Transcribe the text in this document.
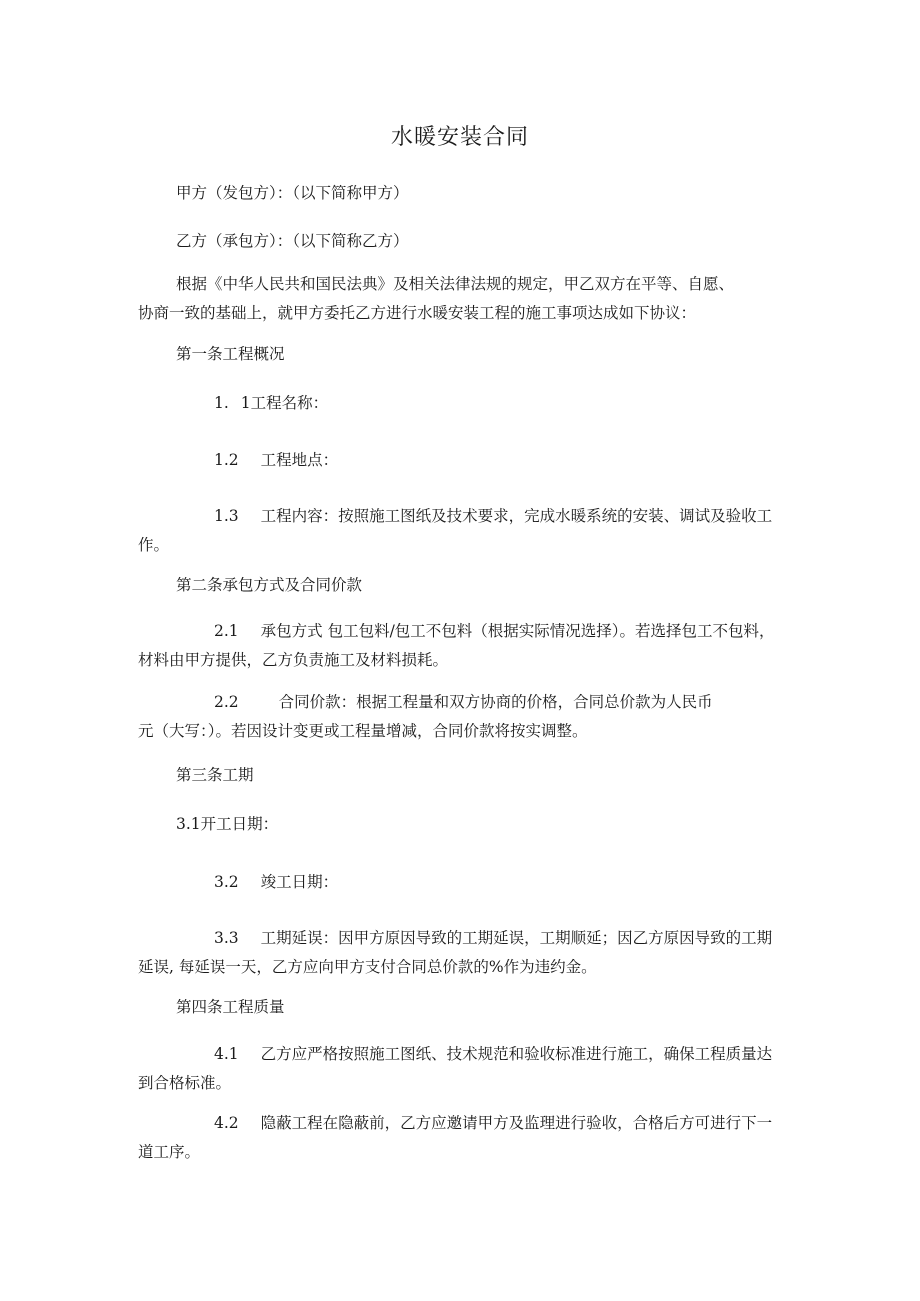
水暖安装合同

甲方（发包方）：（以下简称甲方）

乙方（承包方）：（以下简称乙方）

根据《中华人民共和国民法典》及相关法律法规的规定，甲乙双方在平等、自愿、
协商一致的基础上，就甲方委托乙方进行水暖安装工程的施工事项达成如下协议：

第一条工程概况

1. 1工程名称：

1.2 工程地点：

1.3 工程内容：按照施工图纸及技术要求，完成水暖系统的安装、调试及验收工
作。

第二条承包方式及合同价款

2.1 承包方式 包工包料/包工不包料（根据实际情况选择）。若选择包工不包料，
材料由甲方提供，乙方负责施工及材料损耗。

2.2	合同价款：根据工程量和双方协商的价格，合同总价款为人民币
元（大写：）。若因设计变更或工程量增减，合同价款将按实调整。

第三条工期

3.1开工日期：

3.2 竣工日期：

3.3 工期延误：因甲方原因导致的工期延误，工期顺延；因乙方原因导致的工期
延误, 每延误一天，乙方应向甲方支付合同总价款的%作为违约金。

第四条工程质量

4.1 乙方应严格按照施工图纸、技术规范和验收标准进行施工，确保工程质量达
到合格标准。

4.2 隐蔽工程在隐蔽前，乙方应邀请甲方及监理进行验收，合格后方可进行下一
道工序。
